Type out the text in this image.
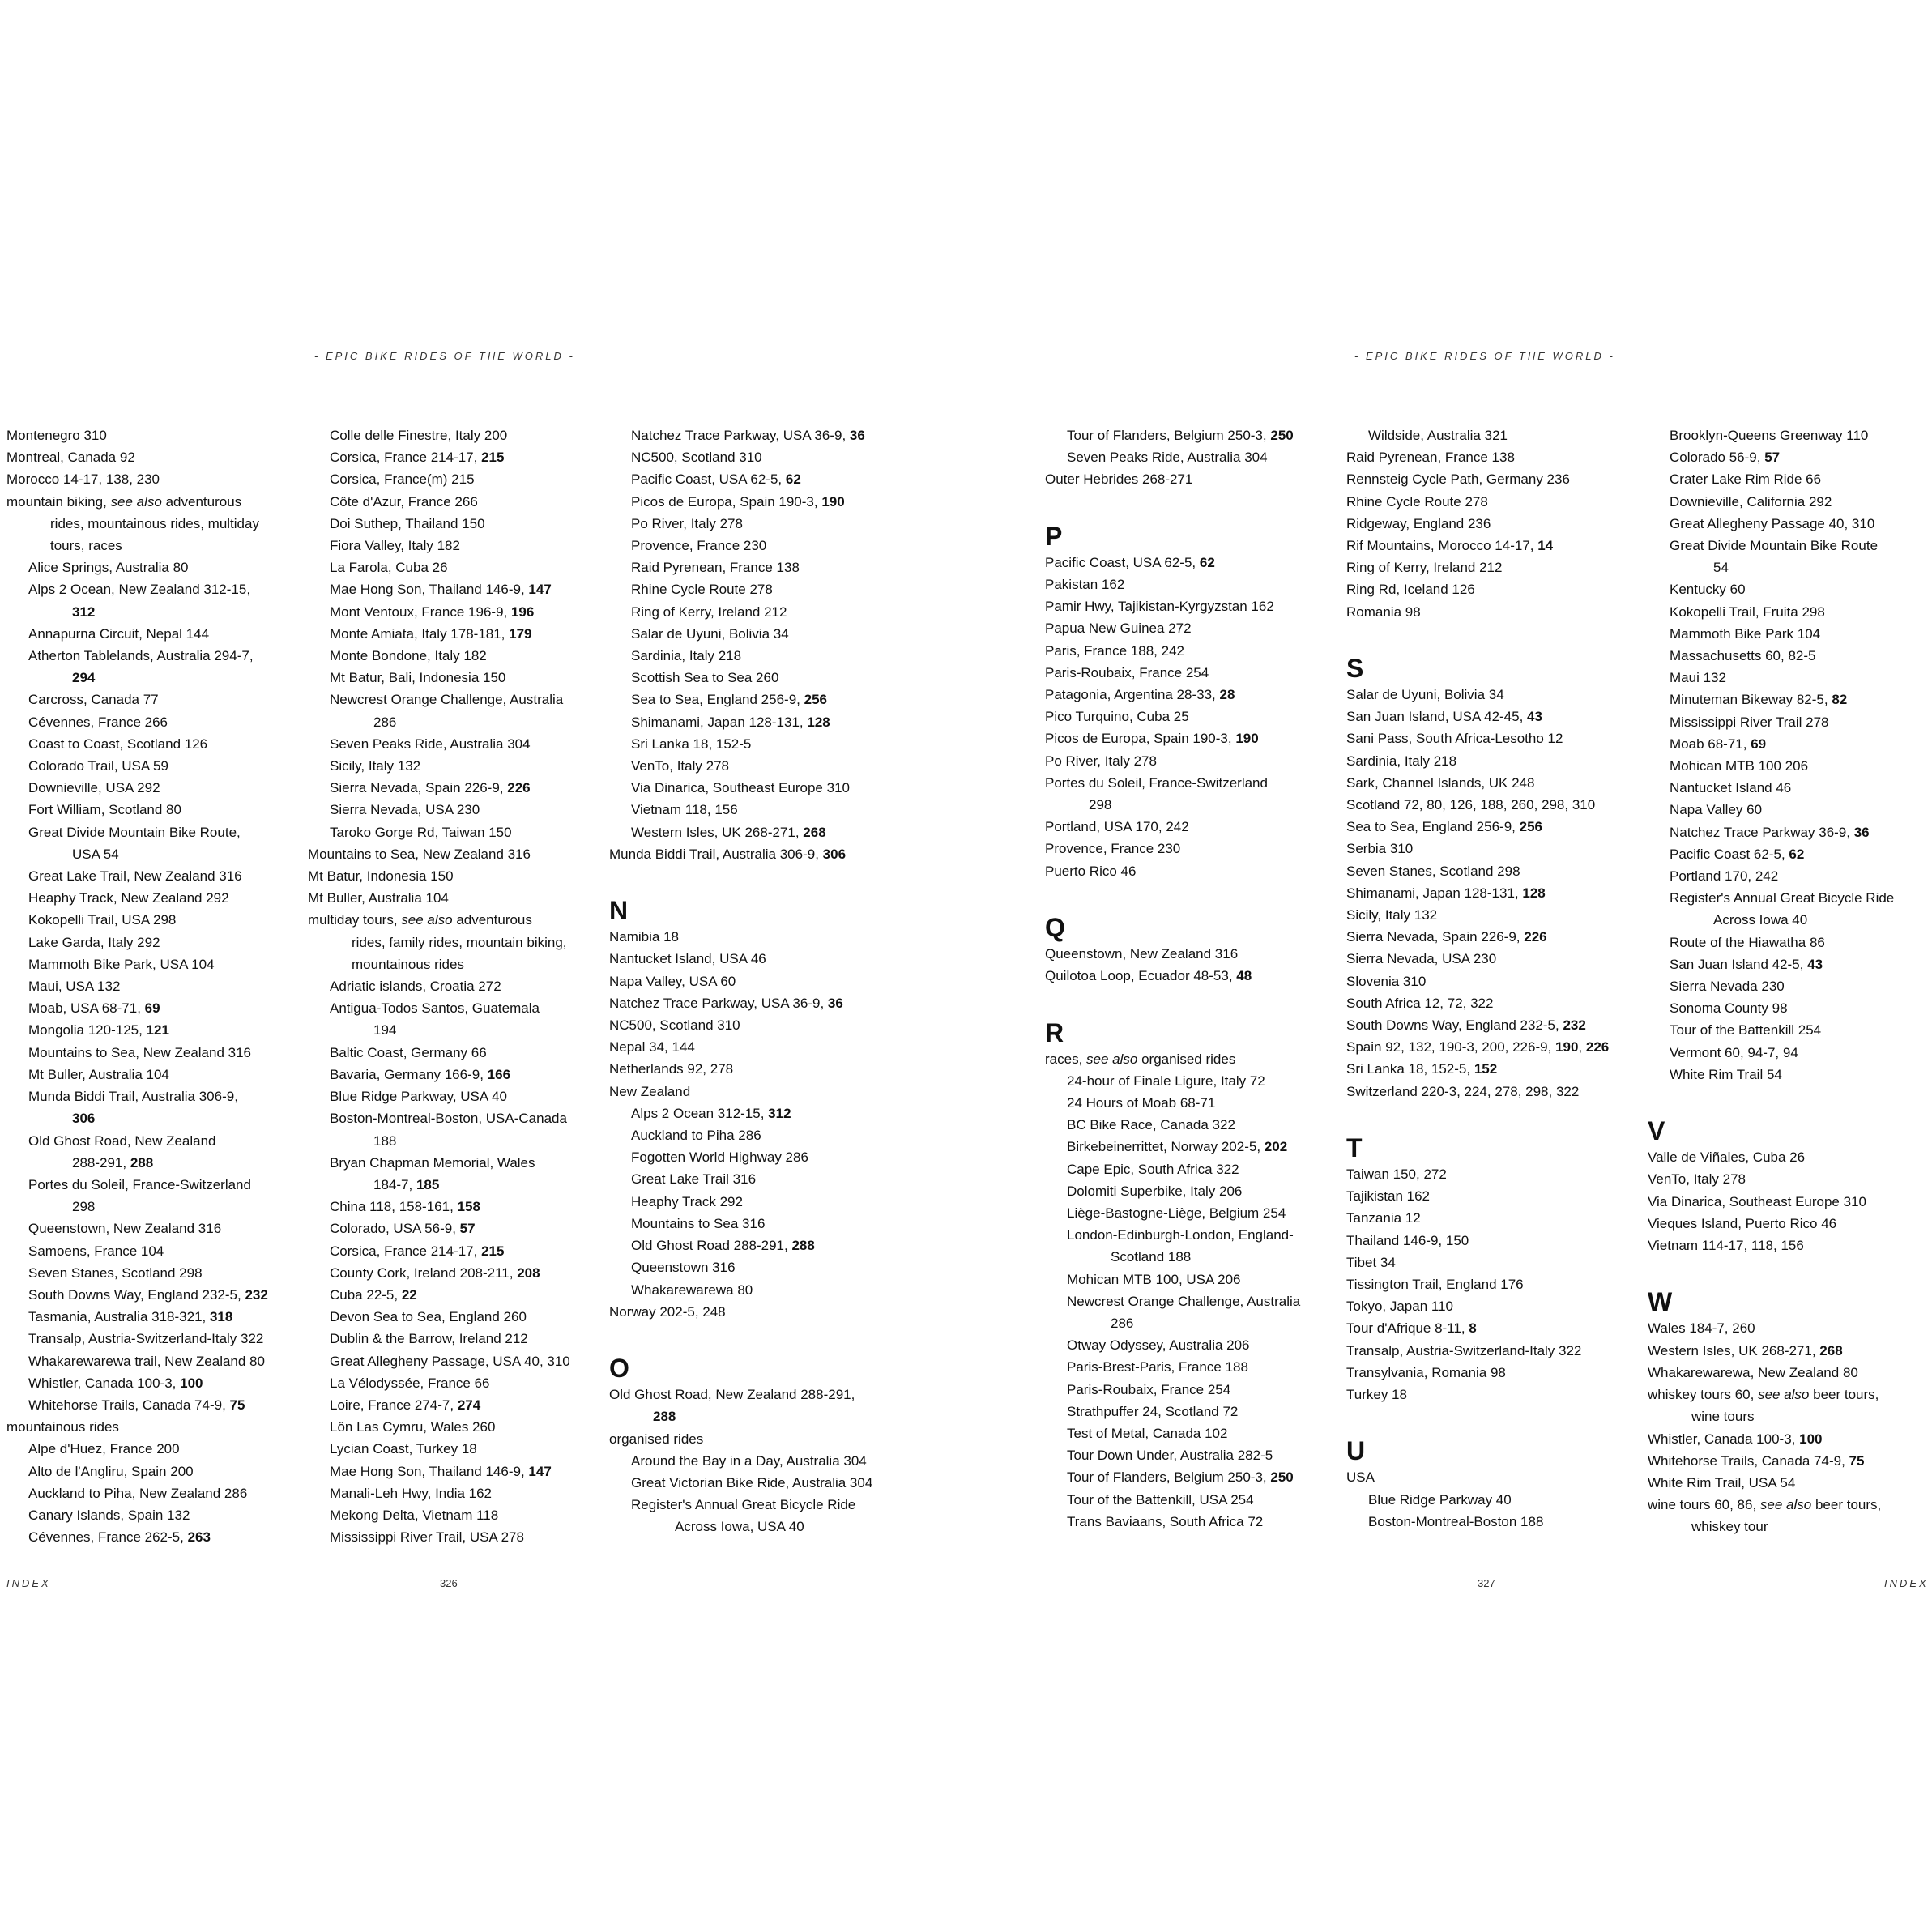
- EPIC BIKE RIDES OF THE WORLD -	- EPIC BIKE RIDES OF THE WORLD -
Montenegro 310
Montreal, Canada 92
Morocco 14-17, 138, 230
mountain biking, see also adventurous
rides, mountainous rides, multiday
tours, races
Alice Springs, Australia 80
Alps 2 Ocean, New Zealand 312-15,
312
Annapurna Circuit, Nepal 144
Atherton Tablelands, Australia 294-7,
294
Carcross, Canada 77
Cévennes, France 266
Coast to Coast, Scotland 126
Colorado Trail, USA 59
Downieville, USA 292
Fort William, Scotland 80
Great Divide Mountain Bike Route,
USA 54
Great Lake Trail, New Zealand 316
Heaphy Track, New Zealand 292
Kokopelli Trail, USA 298
Lake Garda, Italy 292
Mammoth Bike Park, USA 104
Maui, USA 132
Moab, USA 68-71, 69
Mongolia 120-125, 121
Mountains to Sea, New Zealand 316
Mt Buller, Australia 104
Munda Biddi Trail, Australia 306-9,
306
Old Ghost Road, New Zealand
288-291, 288
Portes du Soleil, France-Switzerland
298
Queenstown, New Zealand 316
Samoens, France 104
Seven Stanes, Scotland 298
South Downs Way, England 232-5, 232
Tasmania, Australia 318-321, 318
Transalp, Austria-Switzerland-Italy 322
Whakarewarewa trail, New Zealand 80
Whistler, Canada 100-3, 100
Whitehorse Trails, Canada 74-9, 75
mountainous rides
Alpe d'Huez, France 200
Alto de l'Angliru, Spain 200
Auckland to Piha, New Zealand 286
Canary Islands, Spain 132
Cévennes, France 262-5, 263
Colle delle Finestre, Italy 200
Corsica, France 214-17, 215
Corsica, France(m) 215
Côte d'Azur, France 266
Doi Suthep, Thailand 150
Fiora Valley, Italy 182
La Farola, Cuba 26
Mae Hong Son, Thailand 146-9, 147
Mont Ventoux, France 196-9, 196
Monte Amiata, Italy 178-181, 179
Monte Bondone, Italy 182
Mt Batur, Bali, Indonesia 150
Newcrest Orange Challenge, Australia
286
Seven Peaks Ride, Australia 304
Sicily, Italy 132
Sierra Nevada, Spain 226-9, 226
Sierra Nevada, USA 230
Taroko Gorge Rd, Taiwan 150
Mountains to Sea, New Zealand 316
Mt Batur, Indonesia 150
Mt Buller, Australia 104
multiday tours, see also adventurous
rides, family rides, mountain biking,
mountainous rides
Adriatic islands, Croatia 272
Antigua-Todos Santos, Guatemala
194
Baltic Coast, Germany 66
Bavaria, Germany 166-9, 166
Blue Ridge Parkway, USA 40
Boston-Montreal-Boston, USA-Canada
188
Bryan Chapman Memorial, Wales
184-7, 185
China 118, 158-161, 158
Colorado, USA 56-9, 57
Corsica, France 214-17, 215
County Cork, Ireland 208-211, 208
Cuba 22-5, 22
Devon Sea to Sea, England 260
Dublin & the Barrow, Ireland 212
Great Allegheny Passage, USA 40, 310
La Vélodyssée, France 66
Loire, France 274-7, 274
Lôn Las Cymru, Wales 260
Lycian Coast, Turkey 18
Mae Hong Son, Thailand 146-9, 147
Manali-Leh Hwy, India 162
Mekong Delta, Vietnam 118
Mississippi River Trail, USA 278
Natchez Trace Parkway, USA 36-9, 36
NC500, Scotland 310
Pacific Coast, USA 62-5, 62
Picos de Europa, Spain 190-3, 190
Po River, Italy 278
Provence, France 230
Raid Pyrenean, France 138
Rhine Cycle Route 278
Ring of Kerry, Ireland 212
Salar de Uyuni, Bolivia 34
Sardinia, Italy 218
Scottish Sea to Sea 260
Sea to Sea, England 256-9, 256
Shimanami, Japan 128-131, 128
Sri Lanka 18, 152-5
VenTo, Italy 278
Via Dinarica, Southeast Europe 310
Vietnam 118, 156
Western Isles, UK 268-271, 268
Munda Biddi Trail, Australia 306-9, 306
N
Namibia 18
Nantucket Island, USA 46
Napa Valley, USA 60
Natchez Trace Parkway, USA 36-9, 36
NC500, Scotland 310
Nepal 34, 144
Netherlands 92, 278
New Zealand
Alps 2 Ocean 312-15, 312
Auckland to Piha 286
Fogotten World Highway 286
Great Lake Trail 316
Heaphy Track 292
Mountains to Sea 316
Old Ghost Road 288-291, 288
Queenstown 316
Whakarewarewa 80
Norway 202-5, 248
O
Old Ghost Road, New Zealand 288-291,
288
organised rides
Around the Bay in a Day, Australia 304
Great Victorian Bike Ride, Australia 304
Register's Annual Great Bicycle Ride
Across Iowa, USA 40
Tour of Flanders, Belgium 250-3, 250
Seven Peaks Ride, Australia 304
Outer Hebrides 268-271
P
Pacific Coast, USA 62-5, 62
Pakistan 162
Pamir Hwy, Tajikistan-Kyrgyzstan 162
Papua New Guinea 272
Paris, France 188, 242
Paris-Roubaix, France 254
Patagonia, Argentina 28-33, 28
Pico Turquino, Cuba 25
Picos de Europa, Spain 190-3, 190
Po River, Italy 278
Portes du Soleil, France-Switzerland
298
Portland, USA 170, 242
Provence, France 230
Puerto Rico 46
Q
Queenstown, New Zealand 316
Quilotoa Loop, Ecuador 48-53, 48
R
races, see also organised rides
24-hour of Finale Ligure, Italy 72
24 Hours of Moab 68-71
BC Bike Race, Canada 322
Birkebeinerrittet, Norway 202-5, 202
Cape Epic, South Africa 322
Dolomiti Superbike, Italy 206
Liège-Bastogne-Liège, Belgium 254
London-Edinburgh-London, England-
Scotland 188
Mohican MTB 100, USA 206
Newcrest Orange Challenge, Australia
286
Otway Odyssey, Australia 206
Paris-Brest-Paris, France 188
Paris-Roubaix, France 254
Strathpuffer 24, Scotland 72
Test of Metal, Canada 102
Tour Down Under, Australia 282-5
Tour of Flanders, Belgium 250-3, 250
Tour of the Battenkill, USA 254
Trans Baviaans, South Africa 72
Wildside, Australia 321
Raid Pyrenean, France 138
Rennsteig Cycle Path, Germany 236
Rhine Cycle Route 278
Ridgeway, England 236
Rif Mountains, Morocco 14-17, 14
Ring of Kerry, Ireland 212
Ring Rd, Iceland 126
Romania 98
S
Salar de Uyuni, Bolivia 34
San Juan Island, USA 42-45, 43
Sani Pass, South Africa-Lesotho 12
Sardinia, Italy 218
Sark, Channel Islands, UK 248
Scotland 72, 80, 126, 188, 260, 298, 310
Sea to Sea, England 256-9, 256
Serbia 310
Seven Stanes, Scotland 298
Shimanami, Japan 128-131, 128
Sicily, Italy 132
Sierra Nevada, Spain 226-9, 226
Sierra Nevada, USA 230
Slovenia 310
South Africa 12, 72, 322
South Downs Way, England 232-5, 232
Spain 92, 132, 190-3, 200, 226-9, 190, 226
Sri Lanka 18, 152-5, 152
Switzerland 220-3, 224, 278, 298, 322
T
Taiwan 150, 272
Tajikistan 162
Tanzania 12
Thailand 146-9, 150
Tibet 34
Tissington Trail, England 176
Tokyo, Japan 110
Tour d'Afrique 8-11, 8
Transalp, Austria-Switzerland-Italy 322
Transylvania, Romania 98
Turkey 18
U
USA
Blue Ridge Parkway 40
Boston-Montreal-Boston 188
Brooklyn-Queens Greenway 110
Colorado 56-9, 57
Crater Lake Rim Ride 66
Downieville, California 292
Great Allegheny Passage 40, 310
Great Divide Mountain Bike Route
54
Kentucky 60
Kokopelli Trail, Fruita 298
Mammoth Bike Park 104
Massachusetts 60, 82-5
Maui 132
Minuteman Bikeway 82-5, 82
Mississippi River Trail 278
Moab 68-71, 69
Mohican MTB 100 206
Nantucket Island 46
Napa Valley 60
Natchez Trace Parkway 36-9, 36
Pacific Coast 62-5, 62
Portland 170, 242
Register's Annual Great Bicycle Ride
Across Iowa 40
Route of the Hiawatha 86
San Juan Island 42-5, 43
Sierra Nevada 230
Sonoma County 98
Tour of the Battenkill 254
Vermont 60, 94-7, 94
White Rim Trail 54
V
Valle de Viñales, Cuba 26
VenTo, Italy 278
Via Dinarica, Southeast Europe 310
Vieques Island, Puerto Rico 46
Vietnam 114-17, 118, 156
W
Wales 184-7, 260
Western Isles, UK 268-271, 268
Whakarewarewa, New Zealand 80
whiskey tours 60, see also beer tours,
wine tours
Whistler, Canada 100-3, 100
Whitehorse Trails, Canada 74-9, 75
White Rim Trail, USA 54
wine tours 60, 86, see also beer tours,
whiskey tour
INDEX	326	327	INDEX
